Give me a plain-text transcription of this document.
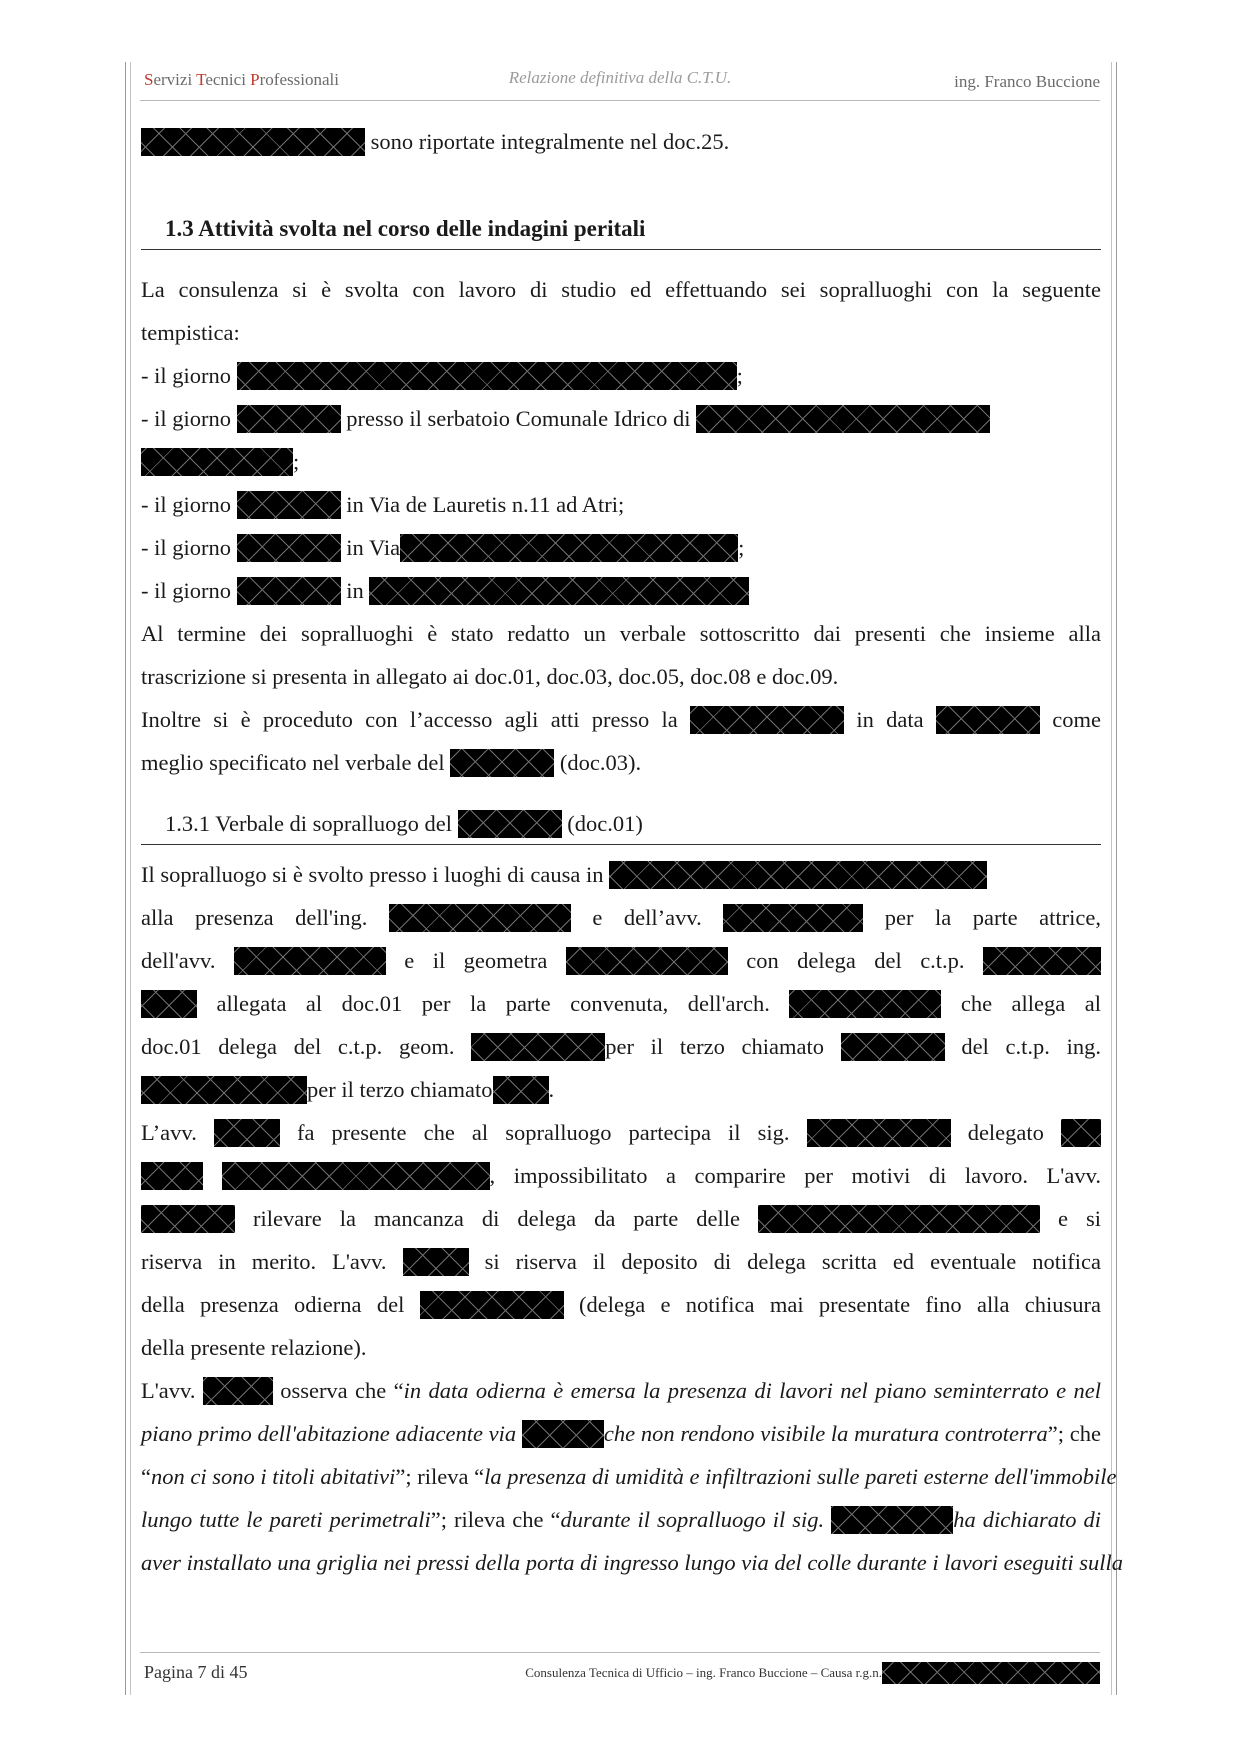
Servizi Tecnici Professionali	Relazione definitiva della C.T.U.	ing. Franco Buccione
sono riportate integralmente nel doc.25.
1.3 Attività svolta nel corso delle indagini peritali
La consulenza si è svolta con lavoro di studio ed effettuando sei sopralluoghi con la seguente
tempistica:
- il giorno	;
- il giorno	presso il serbatoio Comunale Idrico di
;
- il giorno	in Via de Lauretis n.11 ad Atri;
- il giorno	in Via	;
- il giorno	in
Al termine dei sopralluoghi è stato redatto un verbale sottoscritto dai presenti che insieme alla
trascrizione si presenta in allegato ai doc.01, doc.03, doc.05, doc.08 e doc.09.
Inoltre si è proceduto con l’accesso agli atti presso la	in data	come
meglio specificato nel verbale del	(doc.03).
1.3.1 Verbale di sopralluogo del	(doc.01)
Il sopralluogo si è svolto presso i luoghi di causa in
alla presenza dell'ing.	e dell’avv.	per la parte attrice,
dell'avv.	e il geometra	con delega del c.t.p.
allegata al doc.01 per la parte convenuta, dell'arch.	che allega al
doc.01 delega del c.t.p. geom.	per il terzo chiamato	del c.t.p. ing.
per il terzo chiamato .
L’avv.	fa presente che al sopralluogo partecipa il sig.	delegato
, impossibilitato a comparire per motivi di lavoro. L'avv.
rilevare la mancanza di delega da parte delle	e si
riserva in merito. L'avv.	si riserva il deposito di delega scritta ed eventuale notifica
della presenza odierna del	(delega e notifica mai presentate fino alla chiusura
della presente relazione).
L'avv.	osserva che “in data odierna è emersa la presenza di lavori nel piano seminterrato e nel
piano primo dell'abitazione adiacente via	che non rendono visibile la muratura controterra”; che
“non ci sono i titoli abitativi”; rileva “la presenza di umidità e infiltrazioni sulle pareti esterne dell'immobile
lungo tutte le pareti perimetrali”; rileva che “durante il sopralluogo il sig.	ha dichiarato di
aver installato una griglia nei pressi della porta di ingresso lungo via del colle durante i lavori eseguiti sulla
Pagina 7 di 45	Consulenza Tecnica di Ufficio – ing. Franco Buccione – Causa r.g.n.
